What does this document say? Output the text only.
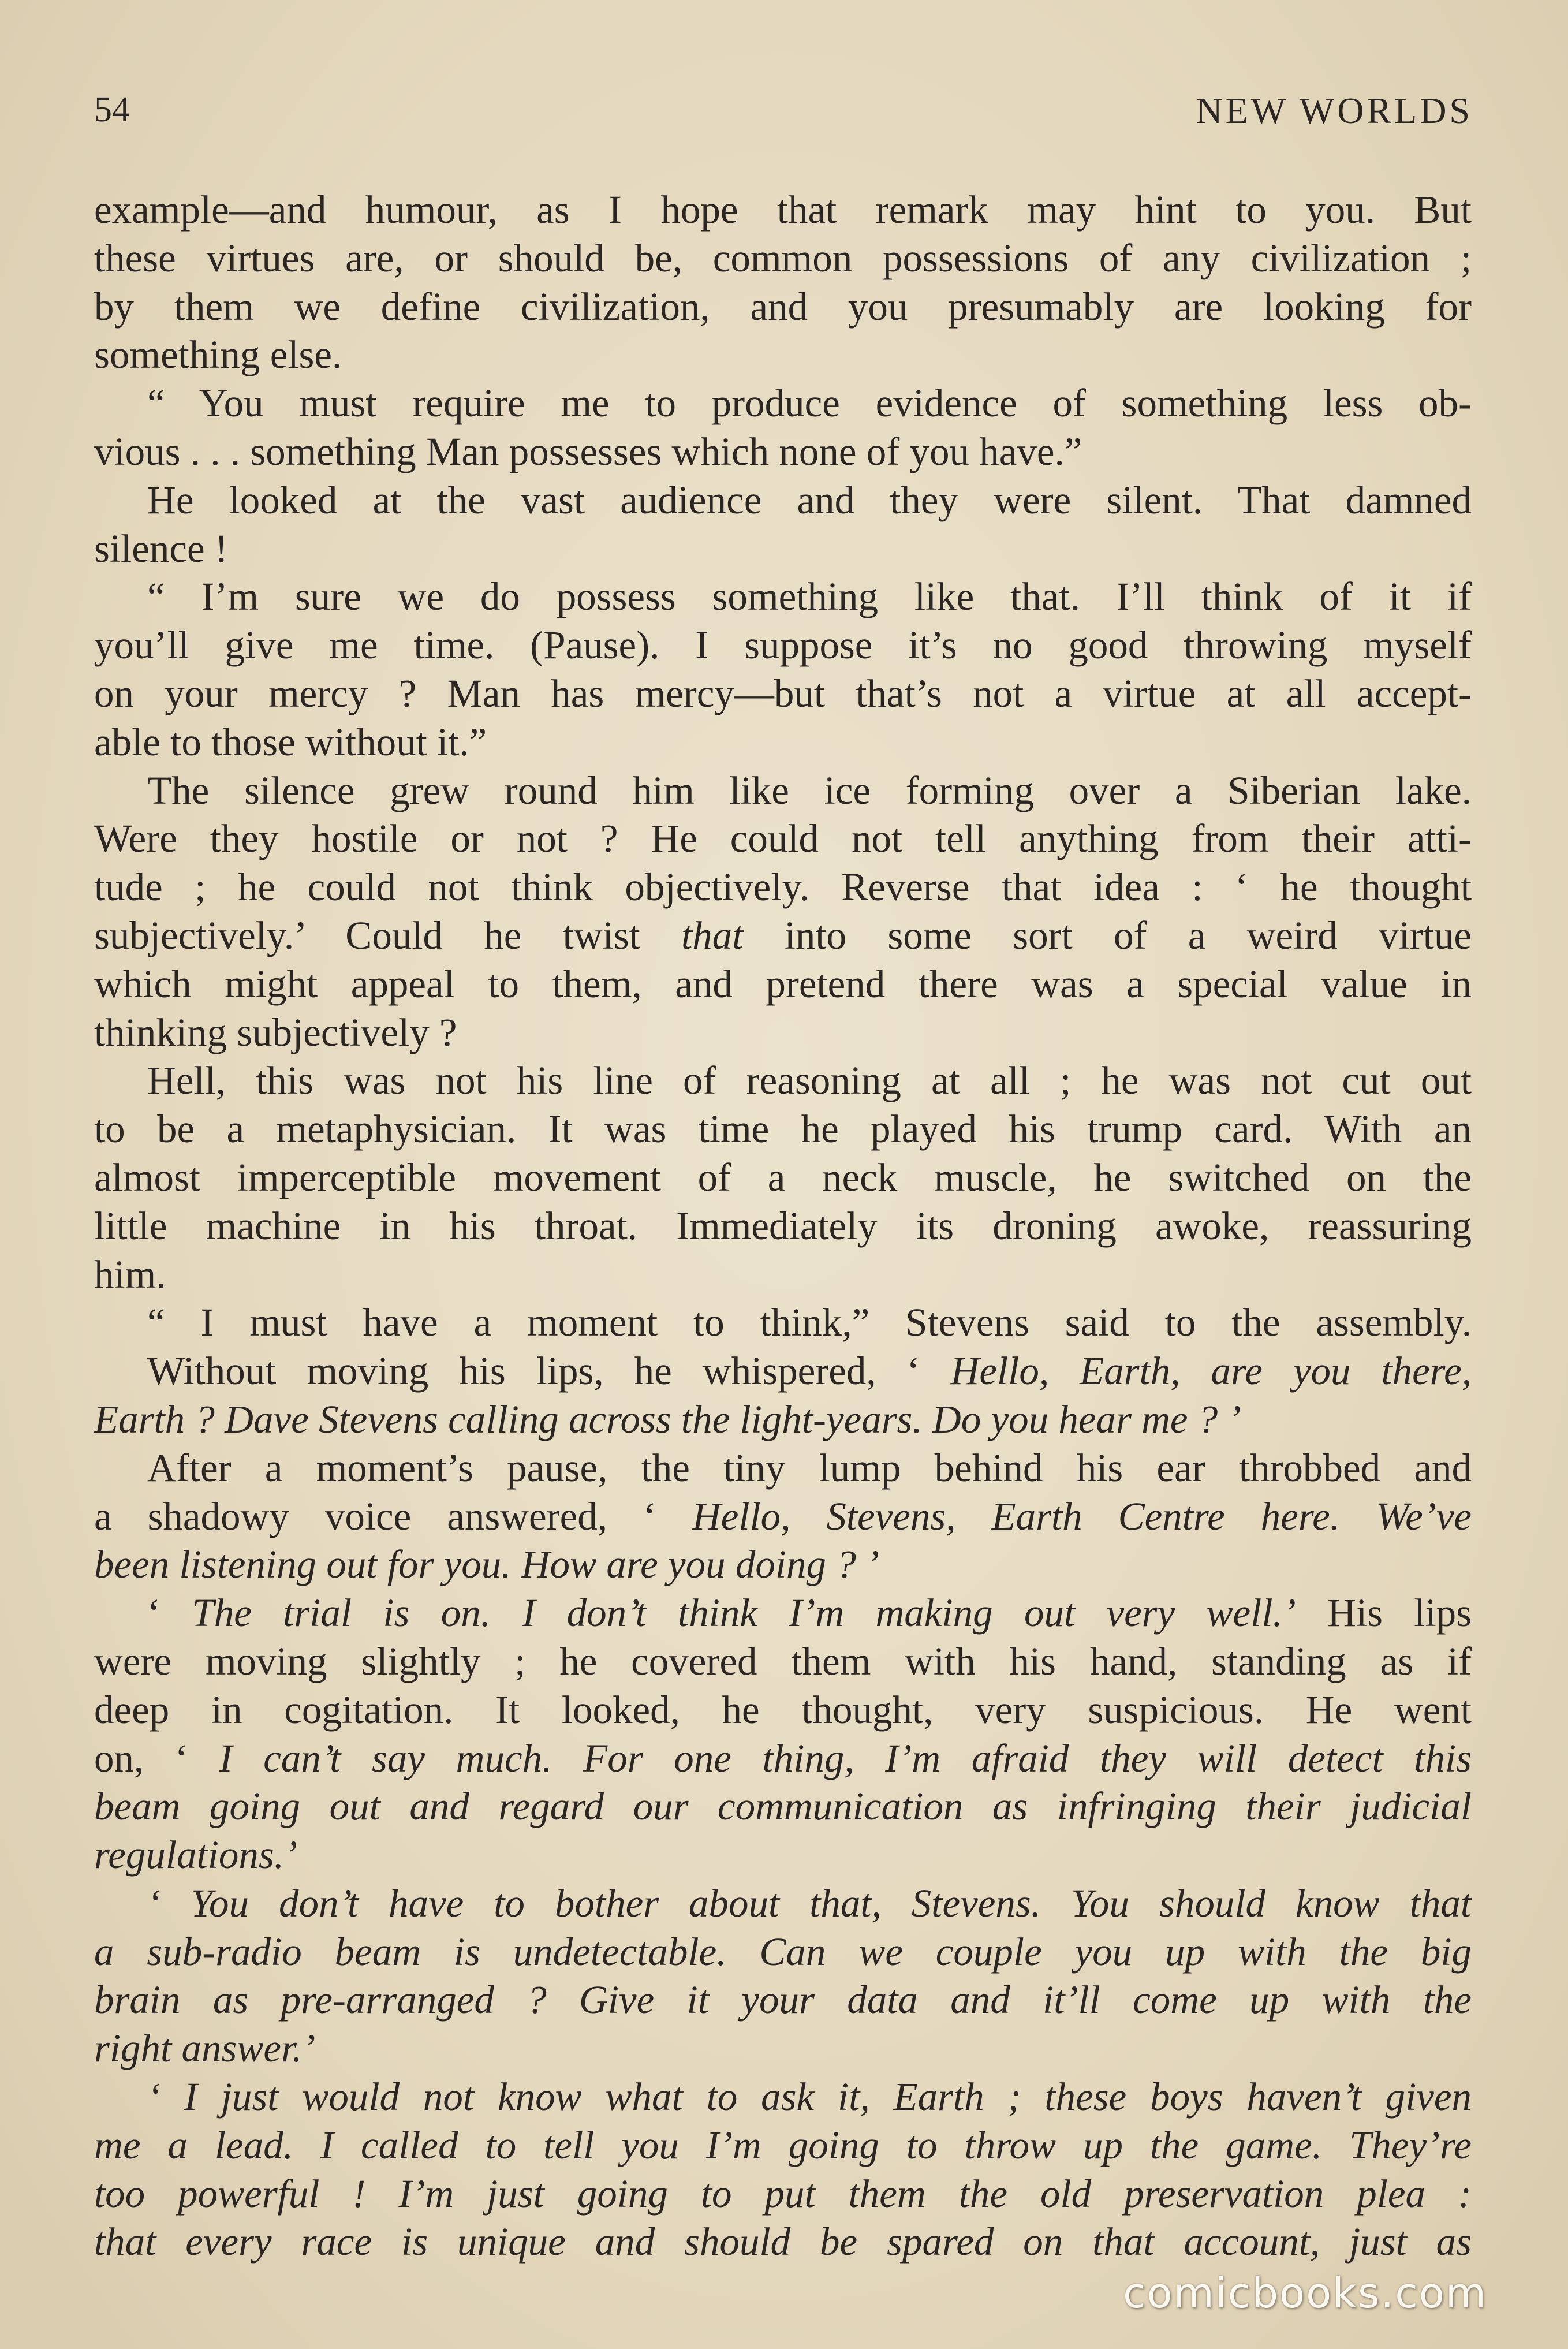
54	NEW WORLDS
example—and humour, as I hope that remark may hint to you. But
these virtues are, or should be, common possessions of any civilization ;
by them we define civilization, and you presumably are looking for
something else.
“ You must require me to produce evidence of something less ob-
vious . . . something Man possesses which none of you have.”
He looked at the vast audience and they were silent. That damned
silence !
“ I’m sure we do possess something like that. I’ll think of it if
you’ll give me time. (Pause). I suppose it’s no good throwing myself
on your mercy ? Man has mercy—but that’s not a virtue at all accept-
able to those without it.”
The silence grew round him like ice forming over a Siberian lake.
Were they hostile or not ? He could not tell anything from their atti-
tude ; he could not think objectively. Reverse that idea : ‘ he thought
subjectively.’ Could he twist that into some sort of a weird virtue
which might appeal to them, and pretend there was a special value in
thinking subjectively ?
Hell, this was not his line of reasoning at all ; he was not cut out
to be a metaphysician. It was time he played his trump card. With an
almost imperceptible movement of a neck muscle, he switched on the
little machine in his throat. Immediately its droning awoke, reassuring
him.
“ I must have a moment to think,” Stevens said to the assembly.
Without moving his lips, he whispered, ‘ Hello, Earth, are you there,
Earth ? Dave Stevens calling across the light-years. Do you hear me ? ’
After a moment’s pause, the tiny lump behind his ear throbbed and
a shadowy voice answered, ‘ Hello, Stevens, Earth Centre here. We’ve
been listening out for you. How are you doing ? ’
‘ The trial is on. I don’t think I’m making out very well.’ His lips
were moving slightly ; he covered them with his hand, standing as if
deep in cogitation. It looked, he thought, very suspicious. He went
on, ‘ I can’t say much. For one thing, I’m afraid they will detect this
beam going out and regard our communication as infringing their judicial
regulations.’
‘ You don’t have to bother about that, Stevens. You should know that
a sub-radio beam is undetectable. Can we couple you up with the big
brain as pre-arranged ? Give it your data and it’ll come up with the
right answer.’
‘ I just would not know what to ask it, Earth ; these boys haven’t given
me a lead. I called to tell you I’m going to throw up the game. They’re
too powerful ! I’m just going to put them the old preservation plea :
that every race is unique and should be spared on that account, just as
comicbooks.com
